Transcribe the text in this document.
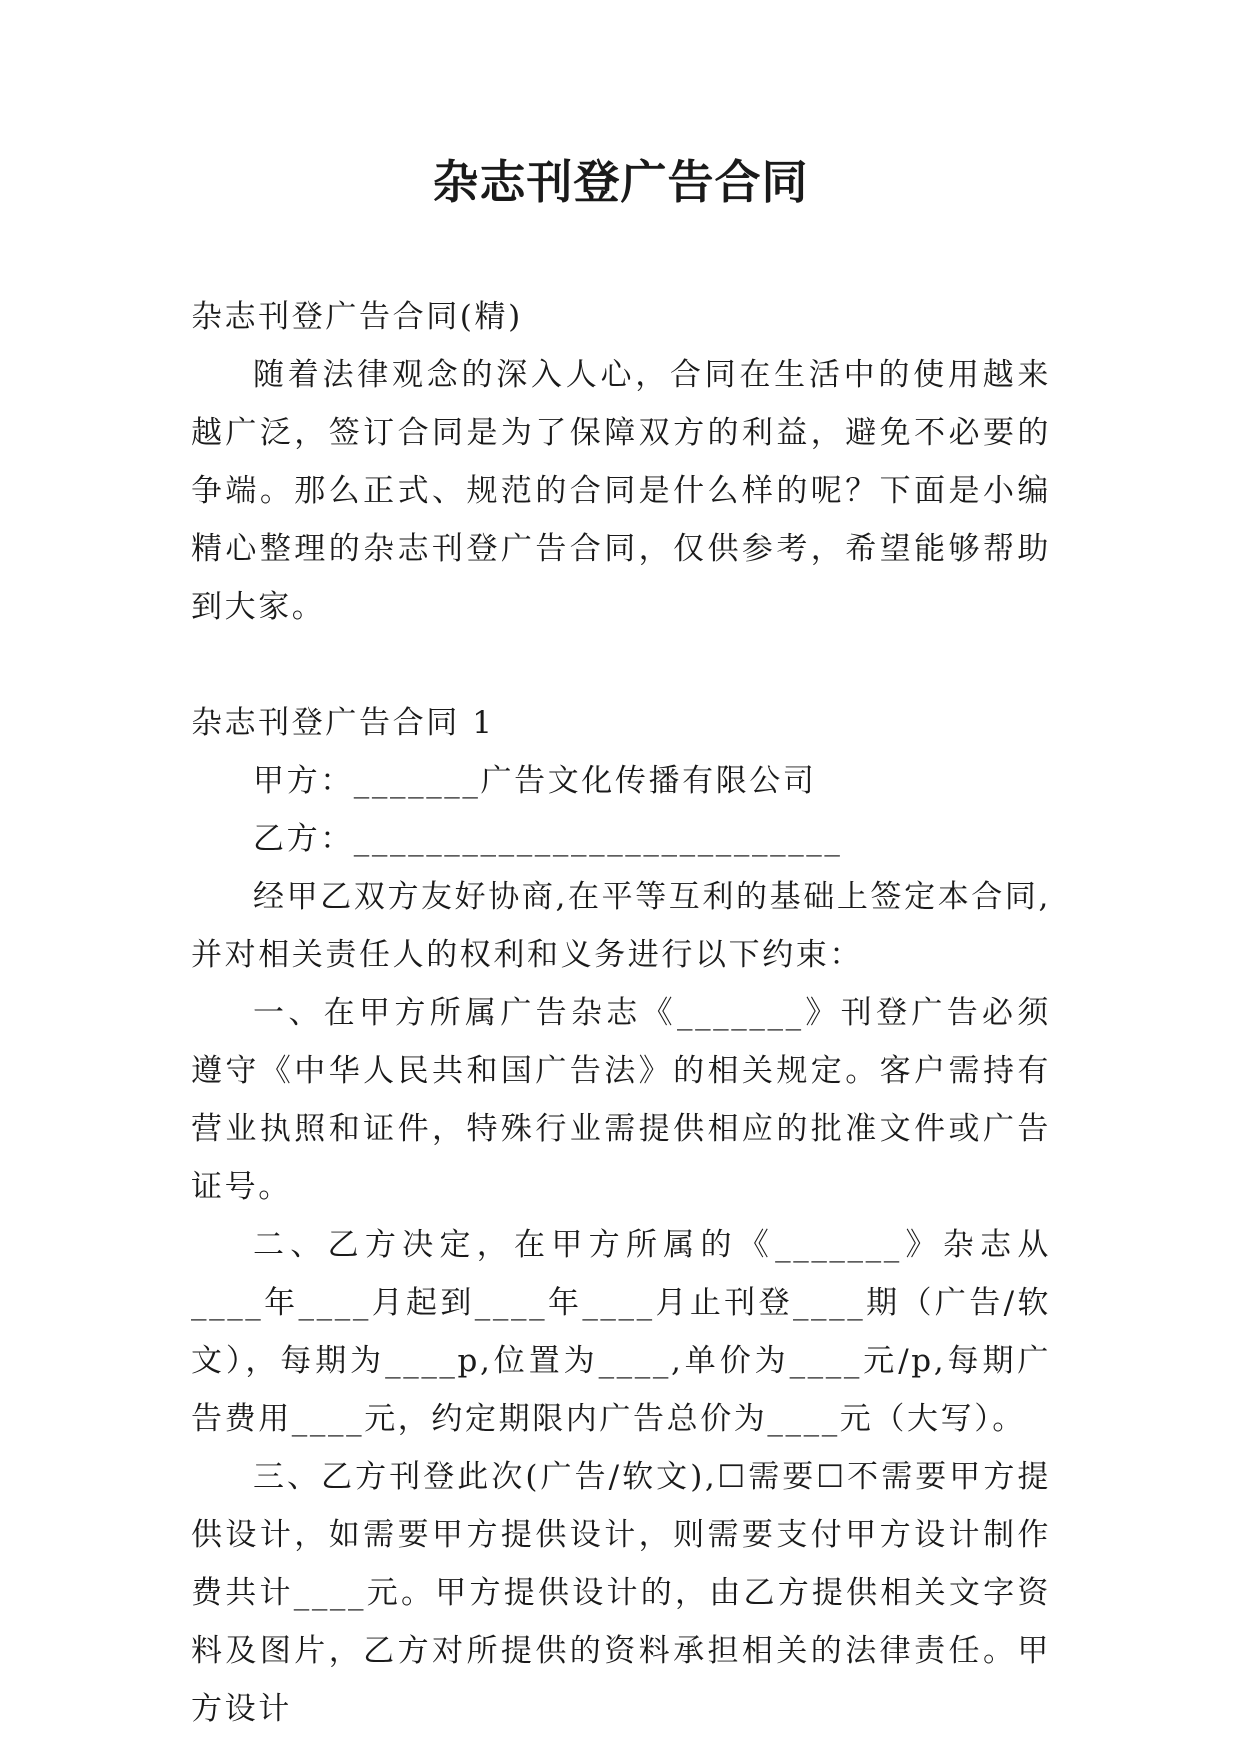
杂志刊登广告合同

杂志刊登广告合同(精)

随着法律观念的深入人心，合同在生活中的使用越来越广泛，签订合同是为了保障双方的利益，避免不必要的争端。那么正式、规范的合同是什么样的呢？下面是小编精心整理的杂志刊登广告合同，仅供参考，希望能够帮助到大家。

杂志刊登广告合同 1

甲方：_______广告文化传播有限公司

乙方：___________________________

经甲乙双方友好协商,在平等互利的基础上签定本合同,并对相关责任人的权利和义务进行以下约束：

一、在甲方所属广告杂志《_______》刊登广告必须遵守《中华人民共和国广告法》的相关规定。客户需持有营业执照和证件，特殊行业需提供相应的批准文件或广告证号。

二、乙方决定，在甲方所属的《_______》杂志从____年____月起到____年____月止刊登____期（广告/软文），每期为____p,位置为____,单价为____元/p,每期广告费用____元，约定期限内广告总价为____元（大写）。

三、乙方刊登此次(广告/软文),☐需要☐不需要甲方提供设计，如需要甲方提供设计，则需要支付甲方设计制作费共计____元。甲方提供设计的，由乙方提供相关文字资料及图片，乙方对所提供的资料承担相关的法律责任。甲方设计
